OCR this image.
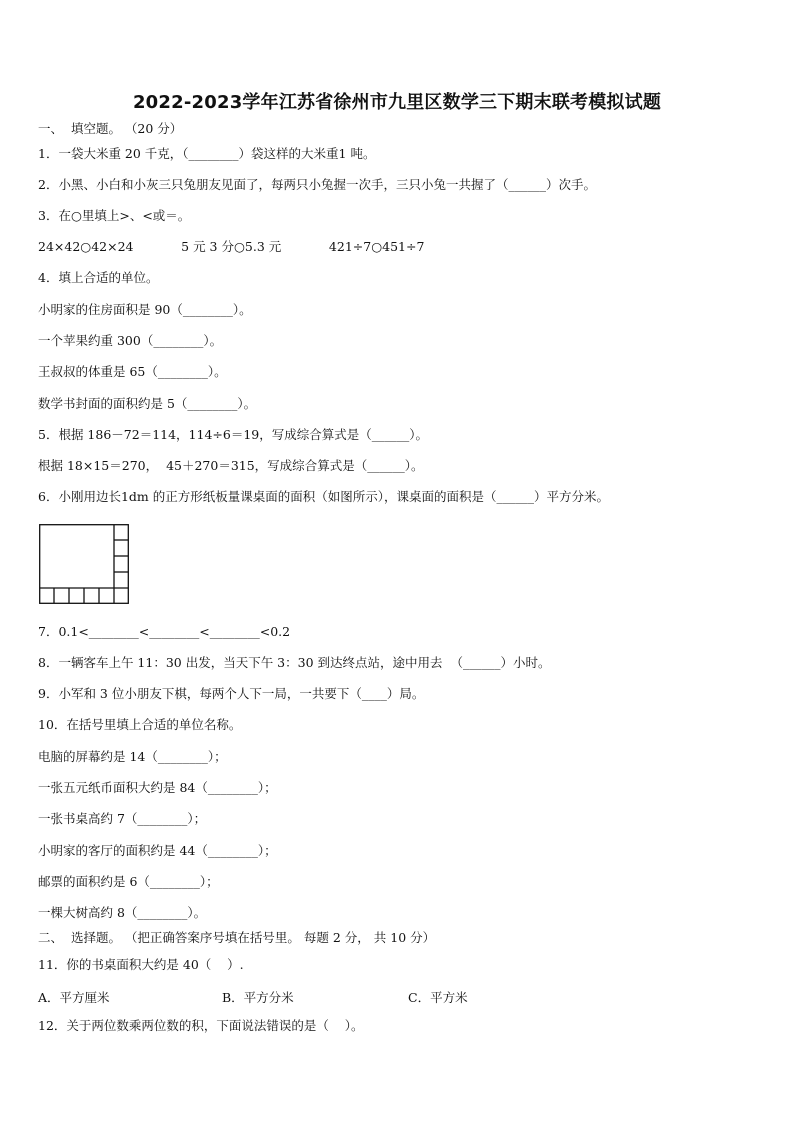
2022-2023学年江苏省徐州市九里区数学三下期末联考模拟试题
一、  填空题。 （20 分）
1．一袋大米重 20 千克，（________）袋这样的大米重1 吨。
2．小黑、小白和小灰三只兔朋友见面了，每两只小兔握一次手，三只小兔一共握了（______）次手。
3．在○里填上>、<或＝。
24×42○42×24            5 元 3 分○5.3 元            421÷7○451÷7
4．填上合适的单位。
小明家的住房面积是 90（________）。
一个苹果约重 300（________）。
王叔叔的体重是 65（________）。
数学书封面的面积约是 5（________）。
5．根据 186－72＝114，114÷6＝19，写成综合算式是（______）。
根据 18×15＝270，  45＋270＝315，写成综合算式是（______）。
6．小刚用边长1dm 的正方形纸板量课桌面的面积（如图所示），课桌面的面积是（______）平方分米。
7．0.1<________<________<________<0.2
8．一辆客车上午 11：30 出发，当天下午 3：30 到达终点站，途中用去  （______）小时。
9．小军和 3 位小朋友下棋，每两个人下一局，一共要下（____）局。
10．在括号里填上合适的单位名称。
电脑的屏幕约是 14（________）；
一张五元纸币面积大约是 84（________）；
一张书桌高约 7（________）；
小明家的客厅的面积约是 44（________）；
邮票的面积约是 6（________）；
一棵大树高约 8（________）。
二、  选择题。 （把正确答案序号填在括号里。 每题 2 分， 共 10 分）
11．你的书桌面积大约是 40（    ）.
A．平方厘米	B．平方分米	C．平方米
12．关于两位数乘两位数的积，下面说法错误的是（    ）。
